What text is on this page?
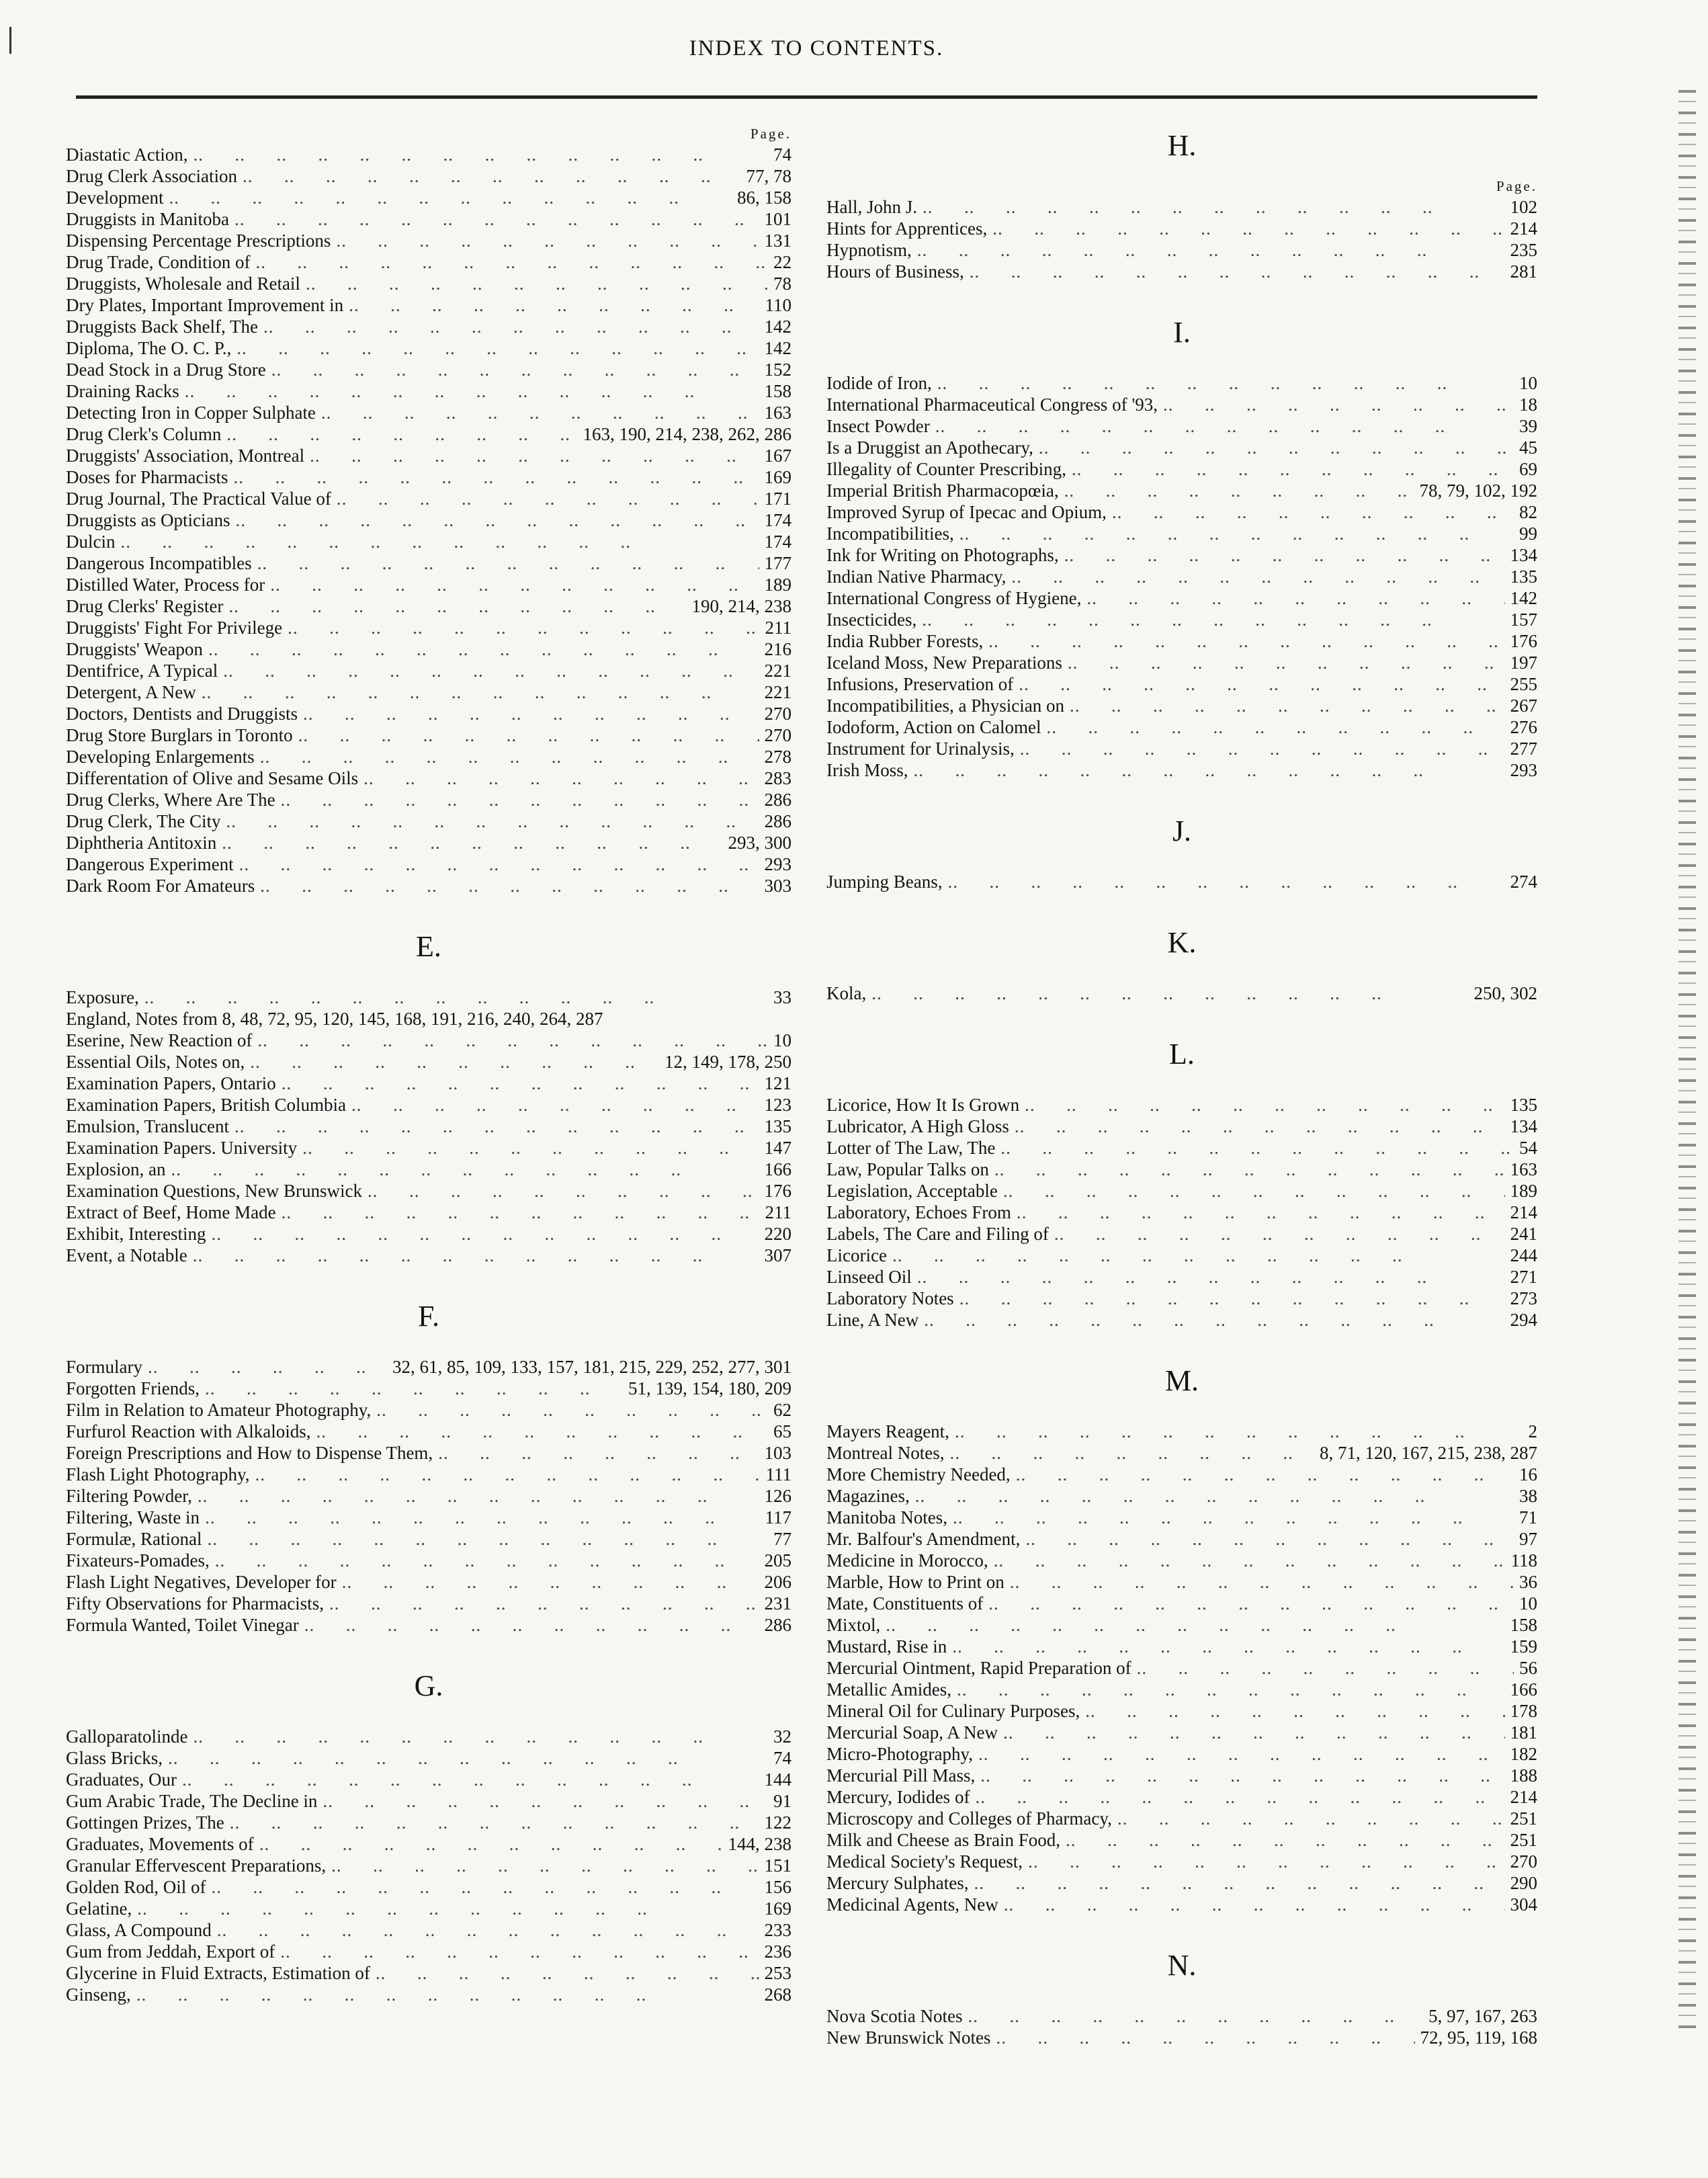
INDEX TO CONTENTS.
Page.
Diastatic Action, ..	74
Drug Clerk Association ..	77, 78
Development ..	86, 158
Druggists in Manitoba ..	101
Dispensing Percentage Prescriptions ..	131
Drug Trade, Condition of ..	22
Druggists, Wholesale and Retail ..	78
Dry Plates, Important Improvement in ..	110
Druggists Back Shelf, The ..	142
Diploma, The O. C. P., ..	142
Dead Stock in a Drug Store ..	152
Draining Racks ..	158
Detecting Iron in Copper Sulphate ..	163
Drug Clerk's Column ..	163, 190, 214, 238, 262, 286
Druggists' Association, Montreal ..	167
Doses for Pharmacists ..	169
Drug Journal, The Practical Value of ..	171
Druggists as Opticians ..	174
Dulcin ..	174
Dangerous Incompatibles ..	177
Distilled Water, Process for ..	189
Drug Clerks' Register ..	190, 214, 238
Druggists' Fight For Privilege ..	211
Druggists' Weapon ..	216
Dentifrice, A Typical ..	221
Detergent, A New ..	221
Doctors, Dentists and Druggists ..	270
Drug Store Burglars in Toronto ..	270
Developing Enlargements ..	278
Differentation of Olive and Sesame Oils ..	283
Drug Clerks, Where Are The ..	286
Drug Clerk, The City ..	286
Diphtheria Antitoxin ..	293, 300
Dangerous Experiment ..	293
Dark Room For Amateurs ..	303
E.
Exposure, ..	33
England, Notes from 8, 48, 72, 95, 120, 145, 168, 191, 216, 240, 264, 287
Eserine, New Reaction of ..	10
Essential Oils, Notes on, ..	12, 149, 178, 250
Examination Papers, Ontario ..	121
Examination Papers, British Columbia ..	123
Emulsion, Translucent ..	135
Examination Papers. University ..	147
Explosion, an ..	166
Examination Questions, New Brunswick ..	176
Extract of Beef, Home Made ..	211
Exhibit, Interesting ..	220
Event, a Notable ..	307
F.
Formulary ..	32, 61, 85, 109, 133, 157, 181, 215, 229, 252, 277, 301
Forgotten Friends, ..	51, 139, 154, 180, 209
Film in Relation to Amateur Photography, ..	62
Furfurol Reaction with Alkaloids, ..	65
Foreign Prescriptions and How to Dispense Them, ..	103
Flash Light Photography, ..	111
Filtering Powder, ..	126
Filtering, Waste in ..	117
Formulæ, Rational ..	77
Fixateurs-Pomades, ..	205
Flash Light Negatives, Developer for ..	206
Fifty Observations for Pharmacists, ..	231
Formula Wanted, Toilet Vinegar ..	286
G.
Galloparatolinde ..	32
Glass Bricks, ..	74
Graduates, Our ..	144
Gum Arabic Trade, The Decline in ..	91
Gottingen Prizes, The ..	122
Graduates, Movements of ..	144, 238
Granular Effervescent Preparations, ..	151
Golden Rod, Oil of ..	156
Gelatine, ..	169
Glass, A Compound ..	233
Gum from Jeddah, Export of ..	236
Glycerine in Fluid Extracts, Estimation of ..	253
Ginseng, ..	268
H.
Page.
Hall, John J. ..	102
Hints for Apprentices, ..	214
Hypnotism, ..	235
Hours of Business, ..	281
I.
Iodide of Iron, ..	10
International Pharmaceutical Congress of '93, ..	18
Insect Powder ..	39
Is a Druggist an Apothecary, ..	45
Illegality of Counter Prescribing, ..	69
Imperial British Pharmacopœia, ..	78, 79, 102, 192
Improved Syrup of Ipecac and Opium, ..	82
Incompatibilities, ..	99
Ink for Writing on Photographs, ..	134
Indian Native Pharmacy, ..	135
International Congress of Hygiene, ..	142
Insecticides, ..	157
India Rubber Forests, ..	176
Iceland Moss, New Preparations ..	197
Infusions, Preservation of ..	255
Incompatibilities, a Physician on ..	267
Iodoform, Action on Calomel ..	276
Instrument for Urinalysis, ..	277
Irish Moss, ..	293
J.
Jumping Beans, ..	274
K.
Kola, ..	250, 302
L.
Licorice, How It Is Grown ..	135
Lubricator, A High Gloss ..	134
Lotter of The Law, The ..	54
Law, Popular Talks on ..	163
Legislation, Acceptable ..	189
Laboratory, Echoes From ..	214
Labels, The Care and Filing of ..	241
Licorice ..	244
Linseed Oil ..	271
Laboratory Notes ..	273
Line, A New ..	294
M.
Mayers Reagent, ..	2
Montreal Notes, ..	8, 71, 120, 167, 215, 238, 287
More Chemistry Needed, ..	16
Magazines, ..	38
Manitoba Notes, ..	71
Mr. Balfour's Amendment, ..	97
Medicine in Morocco, ..	118
Marble, How to Print on ..	36
Mate, Constituents of ..	10
Mixtol, ..	158
Mustard, Rise in ..	159
Mercurial Ointment, Rapid Preparation of ..	56
Metallic Amides, ..	166
Mineral Oil for Culinary Purposes, ..	178
Mercurial Soap, A New ..	181
Micro-Photography, ..	182
Mercurial Pill Mass, ..	188
Mercury, Iodides of ..	214
Microscopy and Colleges of Pharmacy, ..	251
Milk and Cheese as Brain Food, ..	251
Medical Society's Request, ..	270
Mercury Sulphates, ..	290
Medicinal Agents, New ..	304
N.
Nova Scotia Notes ..	5, 97, 167, 263
New Brunswick Notes ..	72, 95, 119, 168
